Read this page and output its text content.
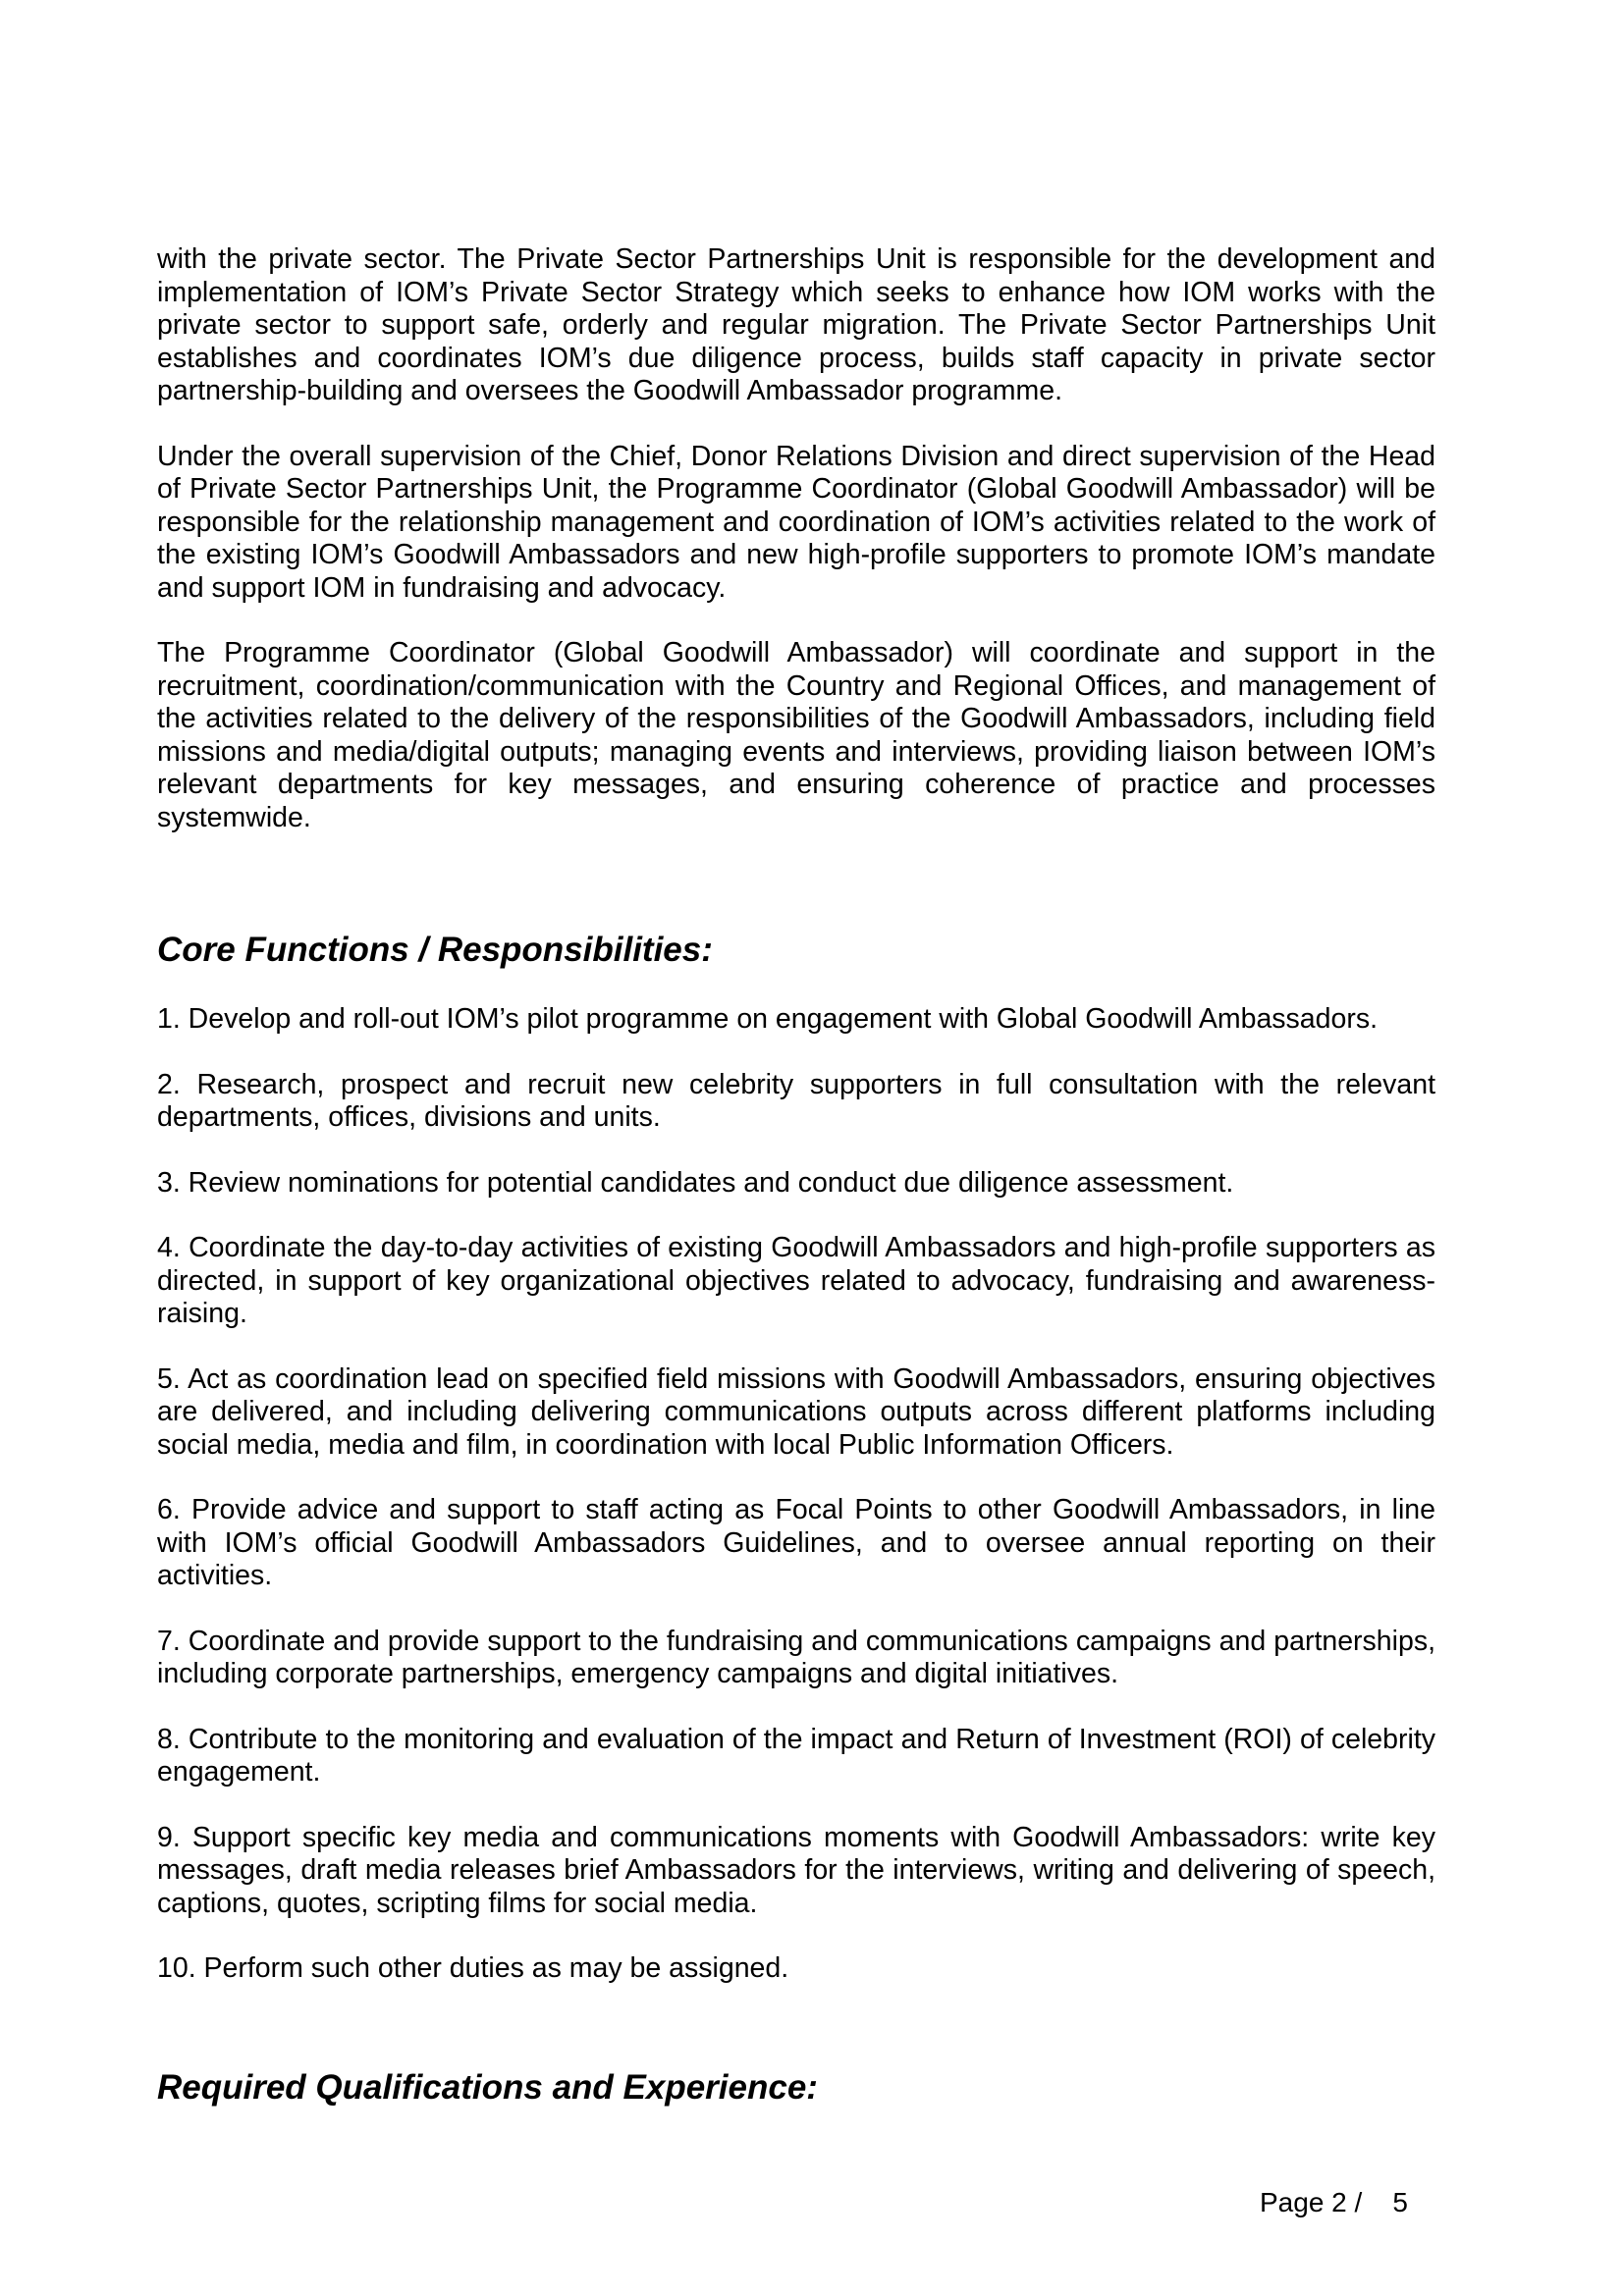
with the private sector. The Private Sector Partnerships Unit is responsible for the development and implementation of IOM’s Private Sector Strategy which seeks to enhance how IOM works with the private sector to support safe, orderly and regular migration. The Private Sector Partnerships Unit establishes and coordinates IOM’s due diligence process, builds staff capacity in private sector partnership-building and oversees the Goodwill Ambassador programme.

Under the overall supervision of the Chief, Donor Relations Division and direct supervision of the Head of Private Sector Partnerships Unit, the Programme Coordinator (Global Goodwill Ambassador) will be responsible for the relationship management and coordination of IOM’s activities related to the work of the existing IOM’s Goodwill Ambassadors and new high-profile supporters to promote IOM’s mandate and support IOM in fundraising and advocacy.

The Programme Coordinator (Global Goodwill Ambassador) will coordinate and support in the recruitment, coordination/communication with the Country and Regional Offices, and management of the activities related to the delivery of the responsibilities of the Goodwill Ambassadors, including field missions and media/digital outputs; managing events and interviews, providing liaison between IOM’s relevant departments for key messages, and ensuring coherence of practice and processes systemwide.

Core Functions / Responsibilities:
1. Develop and roll-out IOM’s pilot programme on engagement with Global Goodwill Ambassadors.
2. Research, prospect and recruit new celebrity supporters in full consultation with the relevant departments, offices, divisions and units.
3. Review nominations for potential candidates and conduct due diligence assessment.
4. Coordinate the day-to-day activities of existing Goodwill Ambassadors and high-profile supporters as directed, in support of key organizational objectives related to advocacy, fundraising and awareness-raising.
5. Act as coordination lead on specified field missions with Goodwill Ambassadors, ensuring objectives are delivered, and including delivering communications outputs across different platforms including social media, media and film, in coordination with local Public Information Officers.
6. Provide advice and support to staff acting as Focal Points to other Goodwill Ambassadors, in line with IOM’s official Goodwill Ambassadors Guidelines, and to oversee annual reporting on their activities.
7. Coordinate and provide support to the fundraising and communications campaigns and partnerships, including corporate partnerships, emergency campaigns and digital initiatives.
8. Contribute to the monitoring and evaluation of the impact and Return of Investment (ROI) of celebrity engagement.
9. Support specific key media and communications moments with Goodwill Ambassadors: write key messages, draft media releases brief Ambassadors for the interviews, writing and delivering of speech, captions, quotes, scripting films for social media.
10. Perform such other duties as may be assigned.
Required Qualifications and Experience:
Page 2 /    5
